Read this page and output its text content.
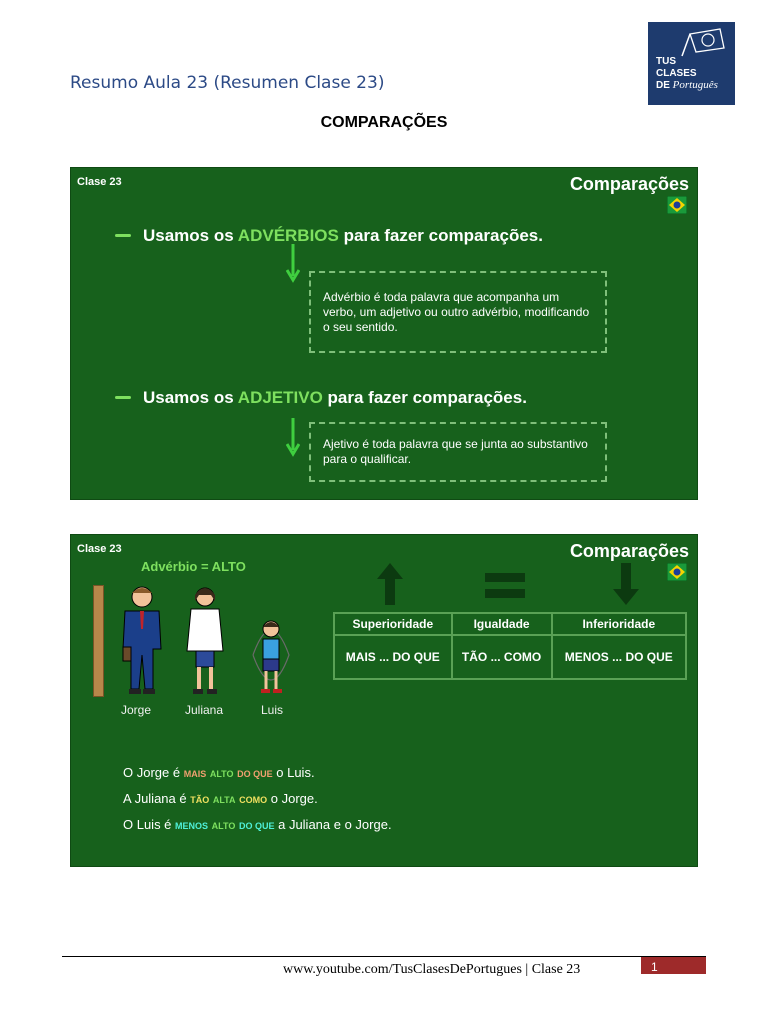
Resumo Aula 23 (Resumen Clase 23)
TUS
CLASES
DE Português
COMPARAÇÕES
Clase 23	Comparações
Usamos os ADVÉRBIOS para fazer comparações.
Advérbio é toda palavra que acompanha um verbo, um adjetivo ou outro advérbio, modificando o seu sentido.
Usamos os ADJETIVO para fazer comparações.
Ajetivo é toda palavra que se junta ao substantivo para o qualificar.
Clase 23	Comparações
Advérbio = ALTO
Jorge	Juliana	Luis
Superioridade	Igualdade	Inferioridade
MAIS ... DO QUE	TÃO ... COMO	MENOS ... DO QUE
O Jorge é MAIS ALTO DO QUE o Luis.
A Juliana é TÃO ALTA COMO o Jorge.
O Luis é MENOS ALTO DO QUE a Juliana e o Jorge.
www.youtube.com/TusClasesDePortugues | Clase 23	1
